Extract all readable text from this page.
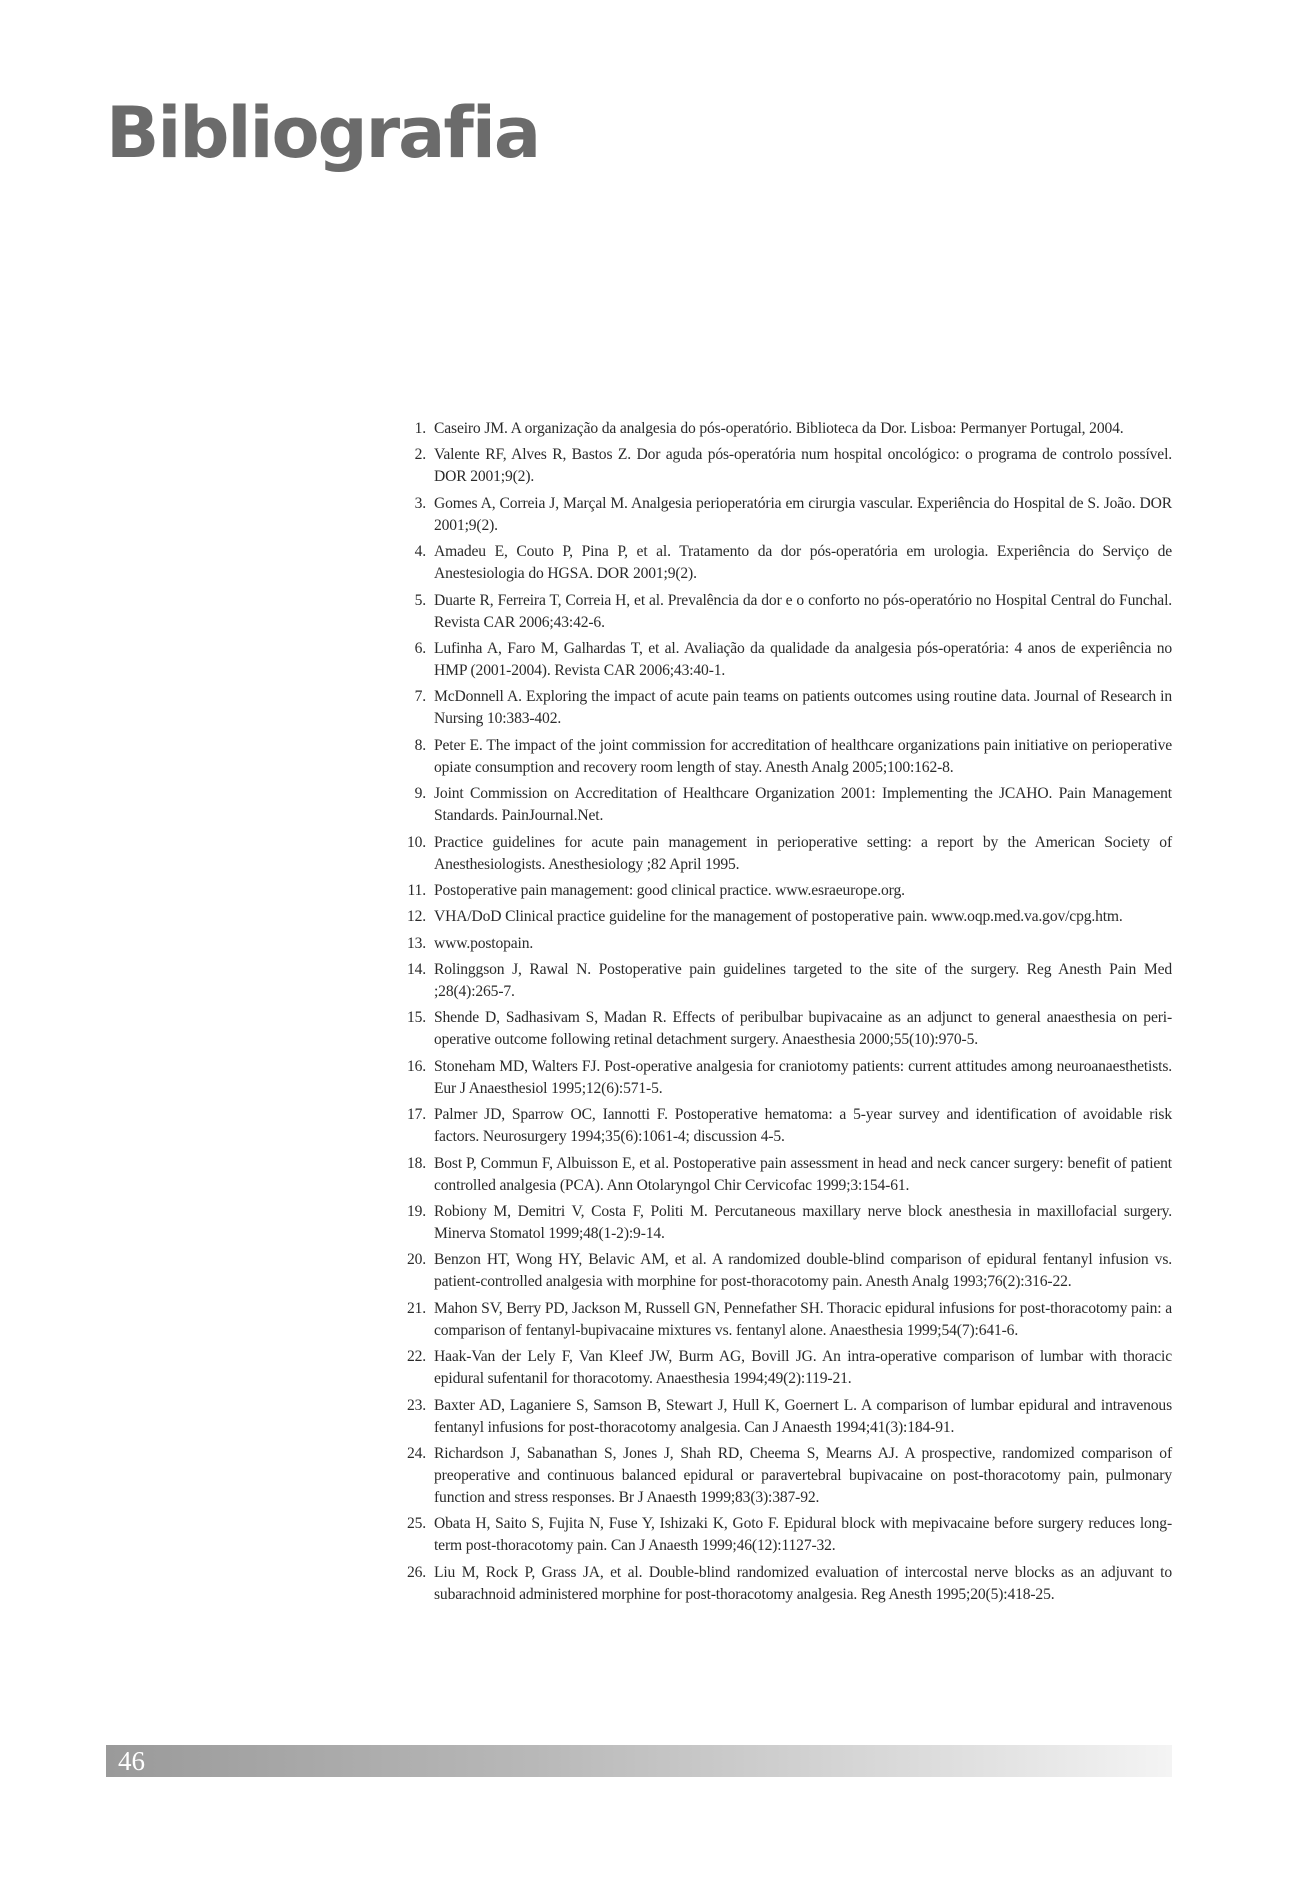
Bibliografia
1. Caseiro JM. A organização da analgesia do pós-operatório. Biblioteca da Dor. Lisboa: Permanyer Portugal, 2004.
2. Valente RF, Alves R, Bastos Z. Dor aguda pós-operatória num hospital oncológico: o programa de controlo possível. DOR 2001;9(2).
3. Gomes A, Correia J, Marçal M. Analgesia perioperatória em cirurgia vascular. Experiência do Hospital de S. João. DOR 2001;9(2).
4. Amadeu E, Couto P, Pina P, et al. Tratamento da dor pós-operatória em urologia. Experiência do Serviço de Anestesiologia do HGSA. DOR 2001;9(2).
5. Duarte R, Ferreira T, Correia H, et al. Prevalência da dor e o conforto no pós-operatório no Hospital Central do Funchal. Revista CAR 2006;43:42-6.
6. Lufinha A, Faro M, Galhardas T, et al. Avaliação da qualidade da analgesia pós-operatória: 4 anos de experiência no HMP (2001-2004). Revista CAR 2006;43:40-1.
7. McDonnell A. Exploring the impact of acute pain teams on patients outcomes using routine data. Journal of Research in Nursing 10:383-402.
8. Peter E. The impact of the joint commission for accreditation of healthcare organizations pain initiative on perioperative opiate consumption and recovery room length of stay. Anesth Analg 2005;100:162-8.
9. Joint Commission on Accreditation of Healthcare Organization 2001: Implementing the JCAHO. Pain Management Standards. PainJournal.Net.
10. Practice guidelines for acute pain management in perioperative setting: a report by the American Society of Anesthesiologists. Anesthesiology ;82 April 1995.
11. Postoperative pain management: good clinical practice. www.esraeurope.org.
12. VHA/DoD Clinical practice guideline for the management of postoperative pain. www.oqp.med.va.gov/cpg.htm.
13. www.postopain.
14. Rolinggson J, Rawal N. Postoperative pain guidelines targeted to the site of the surgery. Reg Anesth Pain Med ;28(4):265-7.
15. Shende D, Sadhasivam S, Madan R. Effects of peribulbar bupivacaine as an adjunct to general anaesthesia on peri-operative outcome following retinal detachment surgery. Anaesthesia 2000;55(10):970-5.
16. Stoneham MD, Walters FJ. Post-operative analgesia for craniotomy patients: current attitudes among neuroanaesthetists. Eur J Anaesthesiol 1995;12(6):571-5.
17. Palmer JD, Sparrow OC, Iannotti F. Postoperative hematoma: a 5-year survey and identification of avoidable risk factors. Neurosurgery 1994;35(6):1061-4; discussion 4-5.
18. Bost P, Commun F, Albuisson E, et al. Postoperative pain assessment in head and neck cancer surgery: benefit of patient controlled analgesia (PCA). Ann Otolaryngol Chir Cervicofac 1999;3:154-61.
19. Robiony M, Demitri V, Costa F, Politi M. Percutaneous maxillary nerve block anesthesia in maxillofacial surgery. Minerva Stomatol 1999;48(1-2):9-14.
20. Benzon HT, Wong HY, Belavic AM, et al. A randomized double-blind comparison of epidural fentanyl infusion vs. patient-controlled analgesia with morphine for post-thoracotomy pain. Anesth Analg 1993;76(2):316-22.
21. Mahon SV, Berry PD, Jackson M, Russell GN, Pennefather SH. Thoracic epidural infusions for post-thoracotomy pain: a comparison of fentanyl-bupivacaine mixtures vs. fentanyl alone. Anaesthesia 1999;54(7):641-6.
22. Haak-Van der Lely F, Van Kleef JW, Burm AG, Bovill JG. An intra-operative comparison of lumbar with thoracic epidural sufentanil for thoracotomy. Anaesthesia 1994;49(2):119-21.
23. Baxter AD, Laganiere S, Samson B, Stewart J, Hull K, Goernert L. A comparison of lumbar epidural and intravenous fentanyl infusions for post-thoracotomy analgesia. Can J Anaesth 1994;41(3):184-91.
24. Richardson J, Sabanathan S, Jones J, Shah RD, Cheema S, Mearns AJ. A prospective, randomized comparison of preoperative and continuous balanced epidural or paravertebral bupivacaine on post-thoracotomy pain, pulmonary function and stress responses. Br J Anaesth 1999;83(3):387-92.
25. Obata H, Saito S, Fujita N, Fuse Y, Ishizaki K, Goto F. Epidural block with mepivacaine before surgery reduces long-term post-thoracotomy pain. Can J Anaesth 1999;46(12):1127-32.
26. Liu M, Rock P, Grass JA, et al. Double-blind randomized evaluation of intercostal nerve blocks as an adjuvant to subarachnoid administered morphine for post-thoracotomy analgesia. Reg Anesth 1995;20(5):418-25.
46
